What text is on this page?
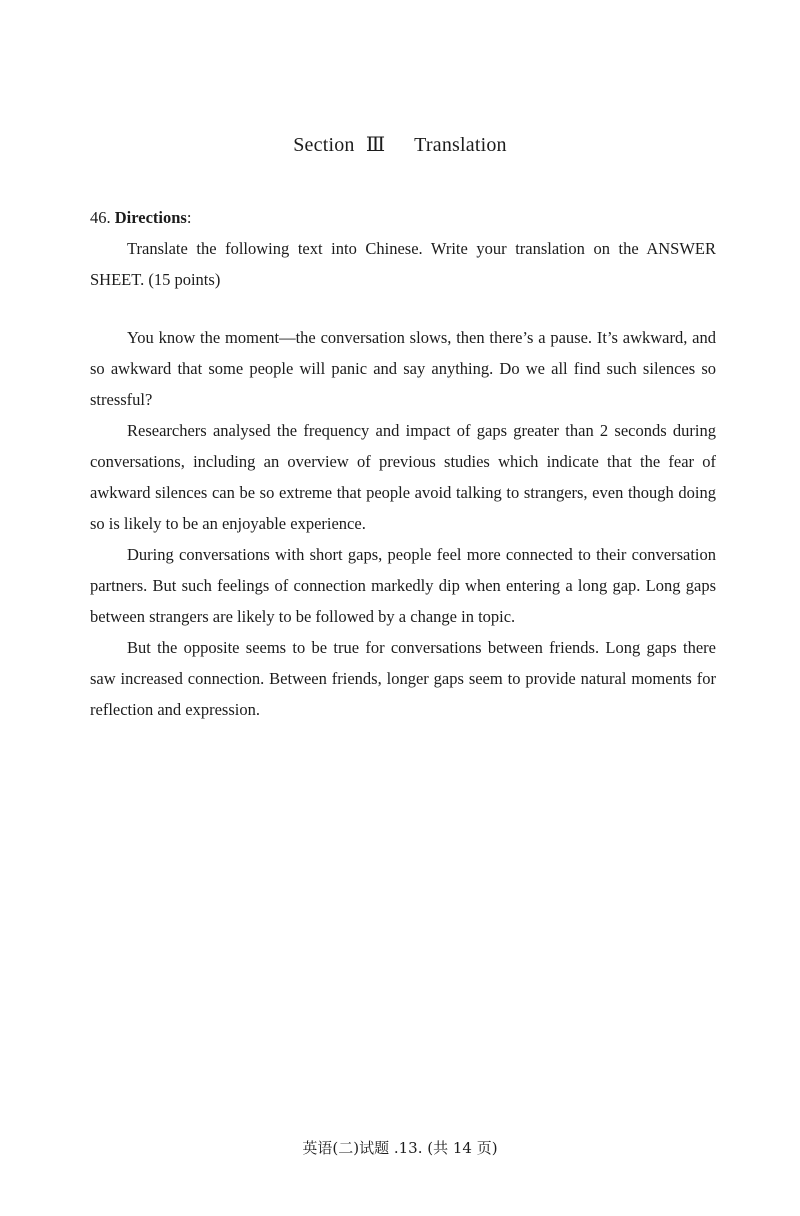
Section Ⅲ Translation
46. Directions:

Translate the following text into Chinese. Write your translation on the ANSWER SHEET. (15 points)

You know the moment—the conversation slows, then there’s a pause. It’s awkward, and so awkward that some people will panic and say anything. Do we all find such silences so stressful?

Researchers analysed the frequency and impact of gaps greater than 2 seconds during conversations, including an overview of previous studies which indicate that the fear of awkward silences can be so extreme that people avoid talking to strangers, even though doing so is likely to be an enjoyable experience.

During conversations with short gaps, people feel more connected to their conversation partners. But such feelings of connection markedly dip when entering a long gap. Long gaps between strangers are likely to be followed by a change in topic.

But the opposite seems to be true for conversations between friends. Long gaps there saw increased connection. Between friends, longer gaps seem to provide natural moments for reflection and expression.

英语(二)试题 .13. (共 14 页)
